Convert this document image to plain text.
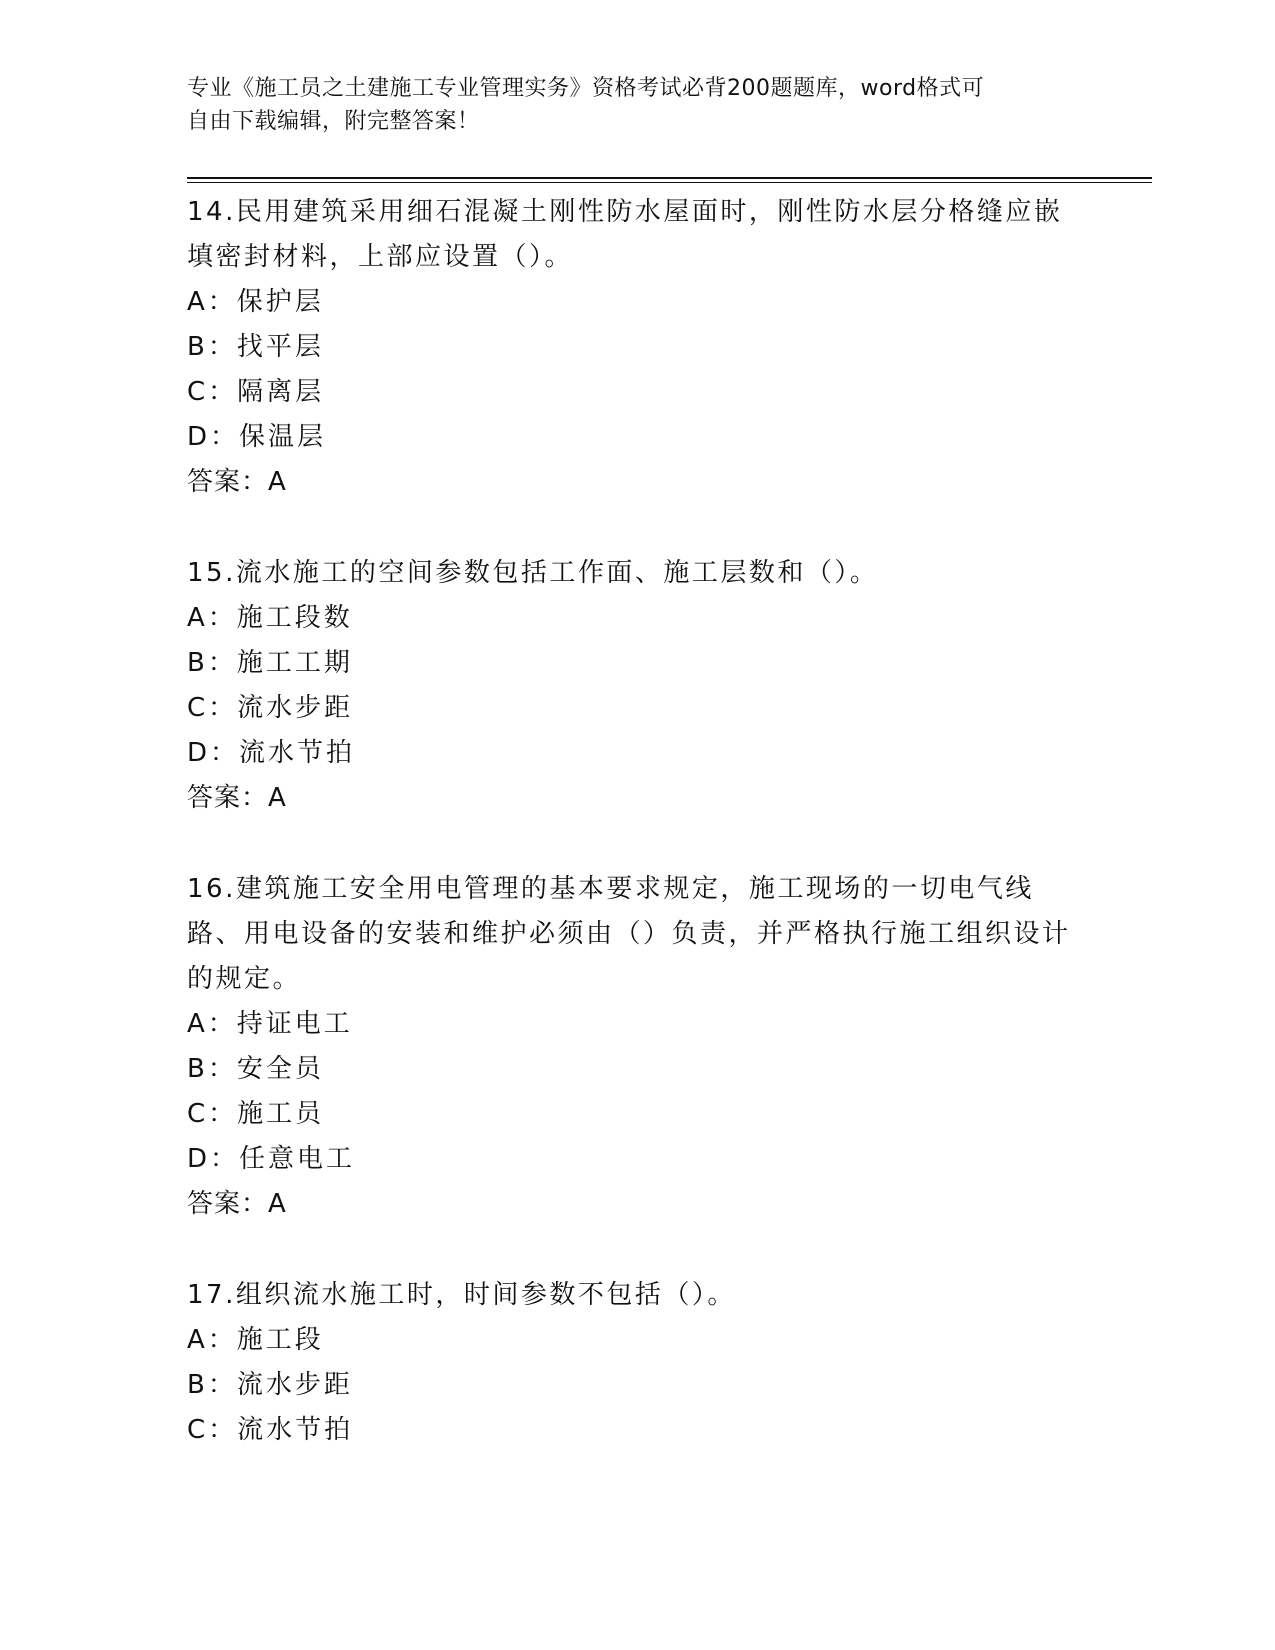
专业《施工员之土建施工专业管理实务》资格考试必背200题题库，word格式可
自由下载编辑，附完整答案！
14.民用建筑采用细石混凝土刚性防水屋面时，刚性防水层分格缝应嵌填密封材料，上部应设置（）。
A：保护层
B：找平层
C：隔离层
D：保温层
答案：A
15.流水施工的空间参数包括工作面、施工层数和（）。
A：施工段数
B：施工工期
C：流水步距
D：流水节拍
答案：A
16.建筑施工安全用电管理的基本要求规定，施工现场的一切电气线路、用电设备的安装和维护必须由（）负责，并严格执行施工组织设计的规定。
A：持证电工
B：安全员
C：施工员
D：任意电工
答案：A
17.组织流水施工时，时间参数不包括（）。
A：施工段
B：流水步距
C：流水节拍
